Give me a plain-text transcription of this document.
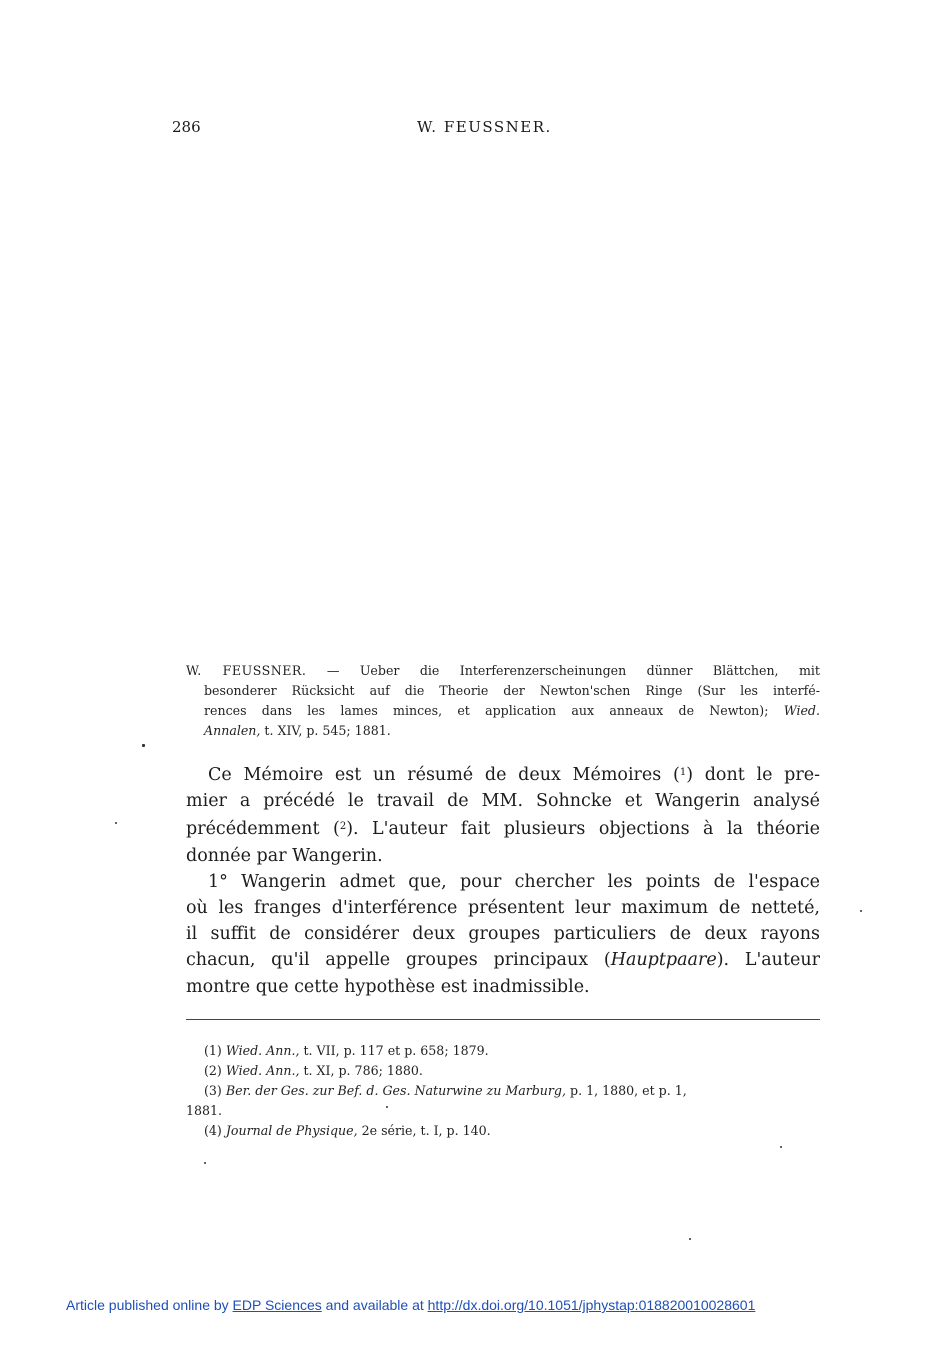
286	W. FEUSSNER.
W. FEUSSNER. — Ueber die Interferenzerscheinungen dünner Blättchen, mit
besonderer Rücksicht auf die Theorie der Newton'schen Ringe (Sur les interfé-
rences dans les lames minces, et application aux anneaux de Newton); Wied.
Annalen, t. XIV, p. 545; 1881.
Ce Mémoire est un résumé de deux Mémoires ($^1$) dont le pre-
mier a précédé le travail de MM. Sohncke et Wangerin analysé
précédemment ($^2$). L'auteur fait plusieurs objections à la théorie
donnée par Wangerin.
1° Wangerin admet que, pour chercher les points de l'espace
où les franges d'interférence présentent leur maximum de netteté,
il suffit de considérer deux groupes particuliers de deux rayons
chacun, qu'il appelle groupes principaux (Hauptpaare). L'auteur
montre que cette hypothèse est inadmissible.
(1) Wied. Ann., t. VII, p. 117 et p. 658; 1879.
(2) Wied. Ann., t. XI, p. 786; 1880.
(3) Ber. der Ges. zur Bef. d. Ges. Naturwine zu Marburg, p. 1, 1880, et p. 1,
1881.
(4) Journal de Physique, 2e série, t. I, p. 140.
Article published online by EDP Sciences and available at http://dx.doi.org/10.1051/jphystap:018820010028601
